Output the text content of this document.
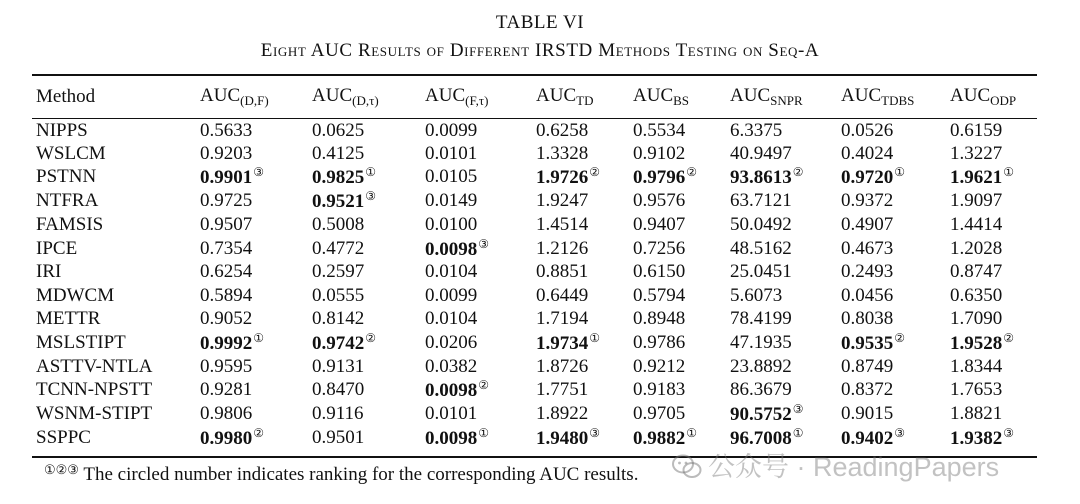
TABLE VI
Eight AUC Results of Different IRSTD Methods Testing on Seq-A
Method	$AUC_{(D,F)}$	$AUC_{(D,\tau)}$	$AUC_{(F,\tau)}$	$AUC_{TD}$	$AUC_{BS}$	$AUC_{SNPR}$	$AUC_{TDBS}$	$AUC_{ODP}$
NIPPS	0.5633	0.0625	0.0099	0.6258	0.5534	6.3375	0.0526	0.6159
WSLCM	0.9203	0.4125	0.0101	1.3328	0.9102	40.9497	0.4024	1.3227
PSTNN	0.9901③	0.9825①	0.0105	1.9726②	0.9796②	93.8613②	0.9720①	1.9621①
NTFRA	0.9725	0.9521③	0.0149	1.9247	0.9576	63.7121	0.9372	1.9097
FAMSIS	0.9507	0.5008	0.0100	1.4514	0.9407	50.0492	0.4907	1.4414
IPCE	0.7354	0.4772	0.0098③	1.2126	0.7256	48.5162	0.4673	1.2028
IRI	0.6254	0.2597	0.0104	0.8851	0.6150	25.0451	0.2493	0.8747
MDWCM	0.5894	0.0555	0.0099	0.6449	0.5794	5.6073	0.0456	0.6350
METTR	0.9052	0.8142	0.0104	1.7194	0.8948	78.4199	0.8038	1.7090
MSLSTIPT	0.9992①	0.9742②	0.0206	1.9734①	0.9786	47.1935	0.9535②	1.9528②
ASTTV-NTLA	0.9595	0.9131	0.0382	1.8726	0.9212	23.8892	0.8749	1.8344
TCNN-NPSTT	0.9281	0.8470	0.0098②	1.7751	0.9183	86.3679	0.8372	1.7653
WSNM-STIPT	0.9806	0.9116	0.0101	1.8922	0.9705	90.5752③	0.9015	1.8821
SSPPC	0.9980②	0.9501	0.0098①	1.9480③	0.9882①	96.7008①	0.9402③	1.9382③
①②③ The circled number indicates ranking for the corresponding AUC results.	公众号 · ReadingPapers
